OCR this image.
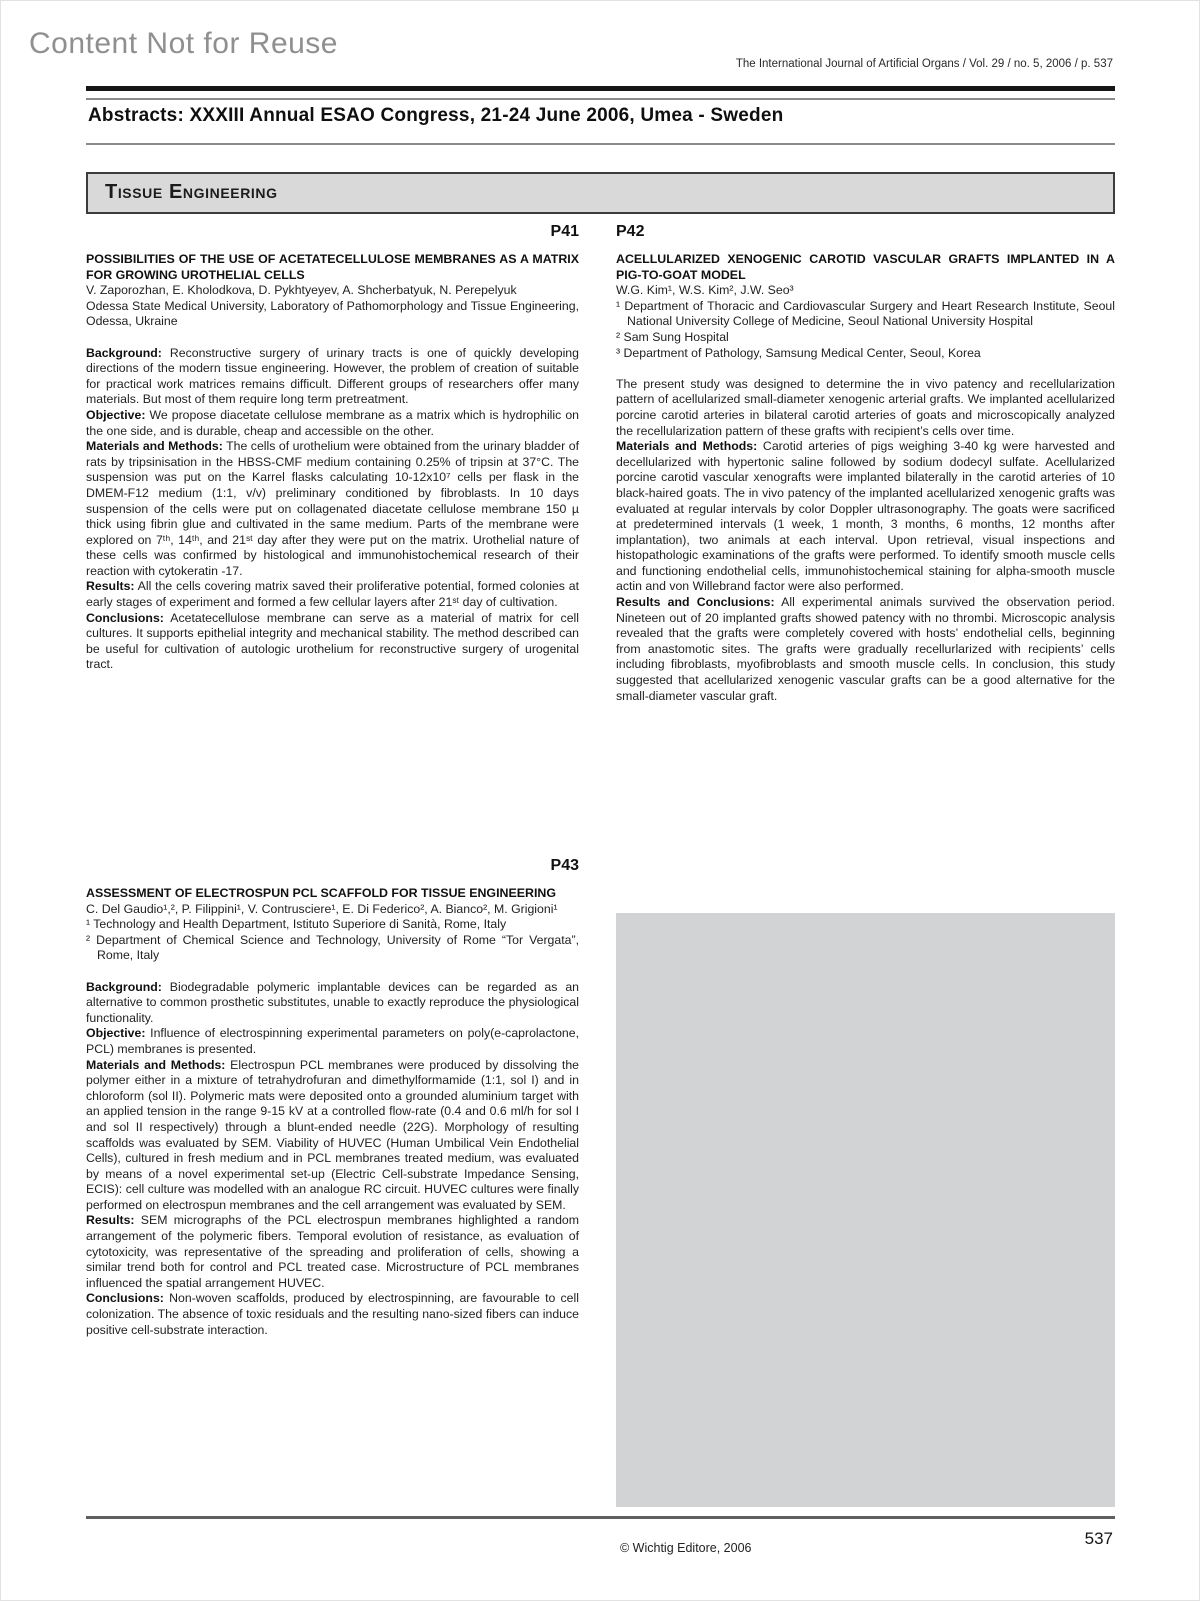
Content Not for Reuse
The International Journal of Artificial Organs / Vol. 29 / no. 5, 2006 / p. 537
Abstracts: XXXIII Annual ESAO Congress, 21-24 June 2006, Umea - Sweden
Tissue Engineering
P41
POSSIBILITIES OF THE USE OF ACETATECELLULOSE MEMBRANES AS A MATRIX FOR GROWING UROTHELIAL CELLS

V. Zaporozhan, E. Kholodkova, D. Pykhtyeyev, A. Shcherbatyuk, N. Perepelyuk

Odessa State Medical University, Laboratory of Pathomorphology and Tissue Engineering, Odessa, Ukraine

Background: Reconstructive surgery of urinary tracts is one of quickly developing directions of the modern tissue engineering. However, the problem of creation of suitable for practical work matrices remains difficult. Different groups of researchers offer many materials. But most of them require long term pretreatment.

Objective: We propose diacetate cellulose membrane as a matrix which is hydrophilic on the one side, and is durable, cheap and accessible on the other.

Materials and Methods: The cells of urothelium were obtained from the urinary bladder of rats by tripsinisation in the HBSS-CMF medium containing 0.25% of tripsin at 37°C. The suspension was put on the Karrel flasks calculating 10-12x10⁷ cells per flask in the DMEM-F12 medium (1:1, v/v) preliminary conditioned by fibroblasts. In 10 days suspension of the cells were put on collagenated diacetate cellulose membrane 150 µ thick using fibrin glue and cultivated in the same medium. Parts of the membrane were explored on 7ᵗʰ, 14ᵗʰ, and 21ˢᵗ day after they were put on the matrix. Urothelial nature of these cells was confirmed by histological and immunohistochemical research of their reaction with cytokeratin -17.

Results: All the cells covering matrix saved their proliferative potential, formed colonies at early stages of experiment and formed a few cellular layers after 21ˢᵗ day of cultivation.

Conclusions: Acetatecellulose membrane can serve as a material of matrix for cell cultures. It supports epithelial integrity and mechanical stability. The method described can be useful for cultivation of autologic urothelium for reconstructive surgery of urogenital tract.

P42
ACELLULARIZED XENOGENIC CAROTID VASCULAR GRAFTS IMPLANTED IN A PIG-TO-GOAT MODEL

W.G. Kim¹, W.S. Kim², J.W. Seo³

¹ Department of Thoracic and Cardiovascular Surgery and Heart Research Institute, Seoul National University College of Medicine, Seoul National University Hospital

² Sam Sung Hospital

³ Department of Pathology, Samsung Medical Center, Seoul, Korea

The present study was designed to determine the in vivo patency and recellularization pattern of acellularized small-diameter xenogenic arterial grafts. We implanted acellularized porcine carotid arteries in bilateral carotid arteries of goats and microscopically analyzed the recellularization pattern of these grafts with recipient’s cells over time.

Materials and Methods: Carotid arteries of pigs weighing 3-40 kg were harvested and decellularized with hypertonic saline followed by sodium dodecyl sulfate. Acellularized porcine carotid vascular xenografts were implanted bilaterally in the carotid arteries of 10 black-haired goats. The in vivo patency of the implanted acellularized xenogenic grafts was evaluated at regular intervals by color Doppler ultrasonography. The goats were sacrificed at predetermined intervals (1 week, 1 month, 3 months, 6 months, 12 months after implantation), two animals at each interval. Upon retrieval, visual inspections and histopathologic examinations of the grafts were performed. To identify smooth muscle cells and functioning endothelial cells, immunohistochemical staining for alpha-smooth muscle actin and von Willebrand factor were also performed.

Results and Conclusions: All experimental animals survived the observation period. Nineteen out of 20 implanted grafts showed patency with no thrombi. Microscopic analysis revealed that the grafts were completely covered with hosts’ endothelial cells, beginning from anastomotic sites. The grafts were gradually recellurlarized with recipients’ cells including fibroblasts, myofibroblasts and smooth muscle cells. In conclusion, this study suggested that acellularized xenogenic vascular grafts can be a good alternative for the small-diameter vascular graft.

P43
ASSESSMENT OF ELECTROSPUN PCL SCAFFOLD FOR TISSUE ENGINEERING

C. Del Gaudio¹,², P. Filippini¹, V. Contrusciere¹, E. Di Federico², A. Bianco², M. Grigioni¹

¹ Technology and Health Department, Istituto Superiore di Sanità, Rome, Italy

² Department of Chemical Science and Technology, University of Rome “Tor Vergata”, Rome, Italy

Background: Biodegradable polymeric implantable devices can be regarded as an alternative to common prosthetic substitutes, unable to exactly reproduce the physiological functionality.

Objective: Influence of electrospinning experimental parameters on poly(e-caprolactone, PCL) membranes is presented.

Materials and Methods: Electrospun PCL membranes were produced by dissolving the polymer either in a mixture of tetrahydrofuran and dimethylformamide (1:1, sol I) and in chloroform (sol II). Polymeric mats were deposited onto a grounded aluminium target with an applied tension in the range 9-15 kV at a controlled flow-rate (0.4 and 0.6 ml/h for sol I and sol II respectively) through a blunt-ended needle (22G). Morphology of resulting scaffolds was evaluated by SEM. Viability of HUVEC (Human Umbilical Vein Endothelial Cells), cultured in fresh medium and in PCL membranes treated medium, was evaluated by means of a novel experimental set-up (Electric Cell-substrate Impedance Sensing, ECIS): cell culture was modelled with an analogue RC circuit. HUVEC cultures were finally performed on electrospun membranes and the cell arrangement was evaluated by SEM.

Results: SEM micrographs of the PCL electrospun membranes highlighted a random arrangement of the polymeric fibers. Temporal evolution of resistance, as evaluation of cytotoxicity, was representative of the spreading and proliferation of cells, showing a similar trend both for control and PCL treated case. Microstructure of PCL membranes influenced the spatial arrangement HUVEC.

Conclusions: Non-woven scaffolds, produced by electrospinning, are favourable to cell colonization. The absence of toxic residuals and the resulting nano-sized fibers can induce positive cell-substrate interaction.

© Wichtig Editore, 2006	537
